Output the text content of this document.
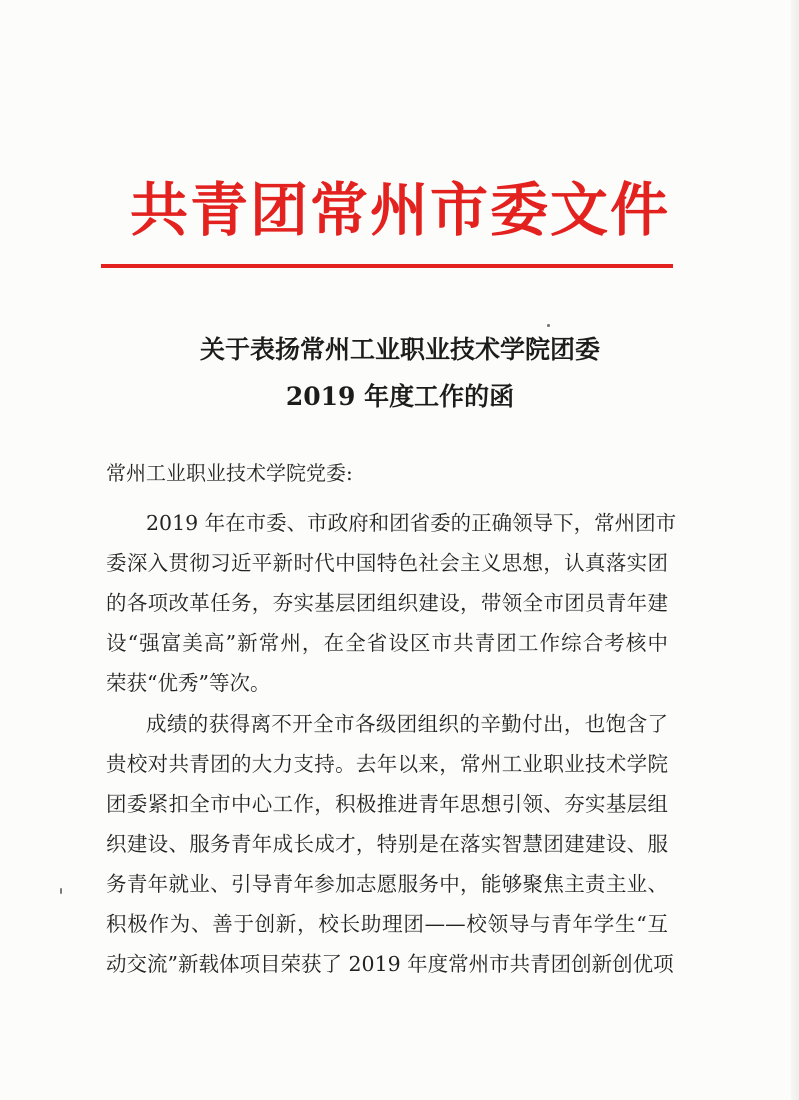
共青团常州市委文件
关于表扬常州工业职业技术学院团委
2019 年度工作的函
常州工业职业技术学院党委:
2019 年在市委、市政府和团省委的正确领导下，常州团市
委深入贯彻习近平新时代中国特色社会主义思想，认真落实团
的各项改革任务，夯实基层团组织建设，带领全市团员青年建
设“强富美高”新常州，在全省设区市共青团工作综合考核中
荣获“优秀”等次。
成绩的获得离不开全市各级团组织的辛勤付出，也饱含了
贵校对共青团的大力支持。去年以来，常州工业职业技术学院
团委紧扣全市中心工作，积极推进青年思想引领、夯实基层组
织建设、服务青年成长成才，特别是在落实智慧团建建设、服
务青年就业、引导青年参加志愿服务中，能够聚焦主责主业、
积极作为、善于创新，校长助理团——校领导与青年学生“互
动交流”新载体项目荣获了 2019 年度常州市共青团创新创优项
